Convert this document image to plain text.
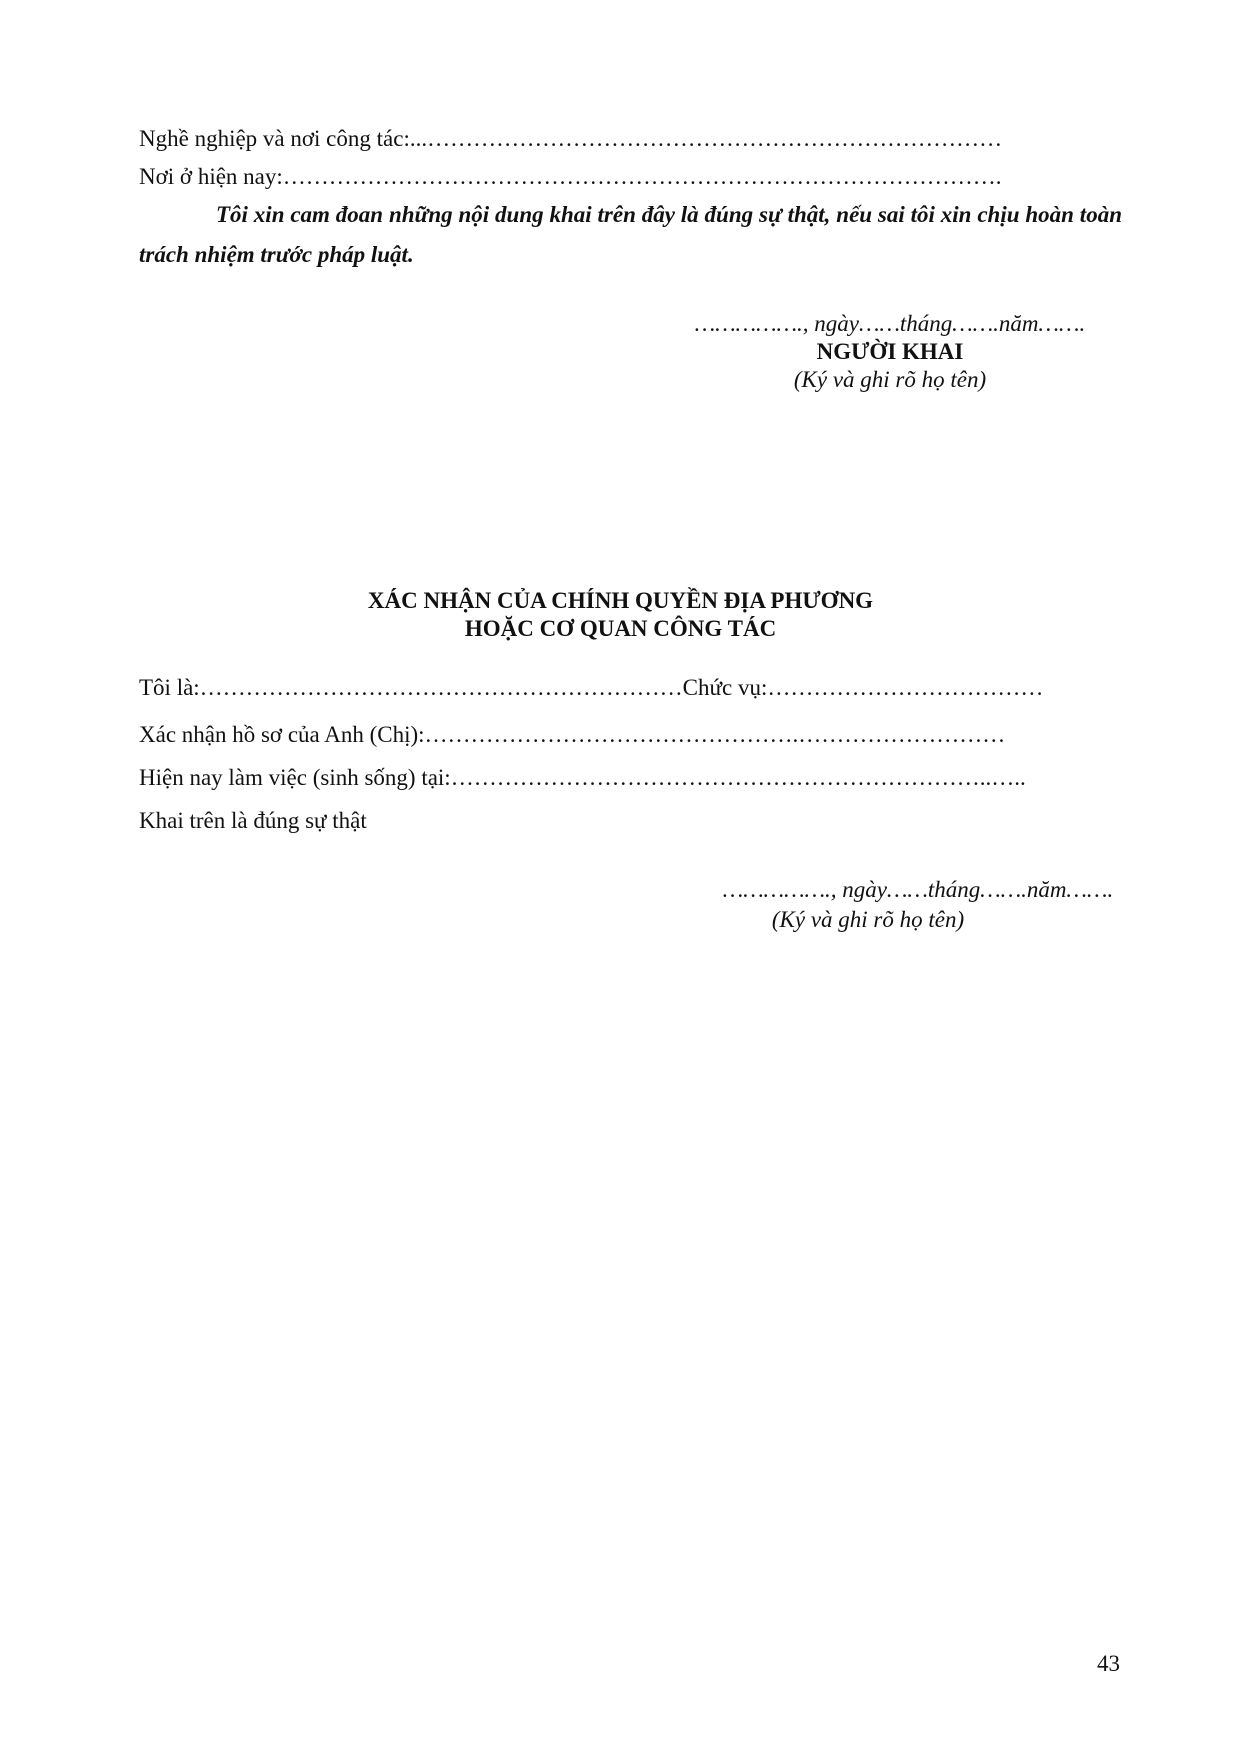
Nghề nghiệp và nơi công tác:...…………………………………………………………………
Nơi ở hiện nay:………………………………………………………………………………….
Tôi xin cam đoan những nội dung khai trên đây là đúng sự thật, nếu sai tôi xin chịu hoàn toàn trách nhiệm trước pháp luật.
……………., ngày……tháng…….năm…….
NGƯỜI KHAI
(Ký và ghi rõ họ tên)
XÁC NHẬN CỦA CHÍNH QUYỀN ĐỊA PHƯƠNG
HOẶC CƠ QUAN CÔNG TÁC
Tôi là:………………………………………………………Chức vụ:………………………………
Xác nhận hồ sơ của Anh (Chị):………………………………………….………………………
Hiện nay làm việc (sinh sống) tại:……………………………………………………………..…..
Khai trên là đúng sự thật
……………., ngày……tháng…….năm…….
(Ký và ghi rõ họ tên)
43
